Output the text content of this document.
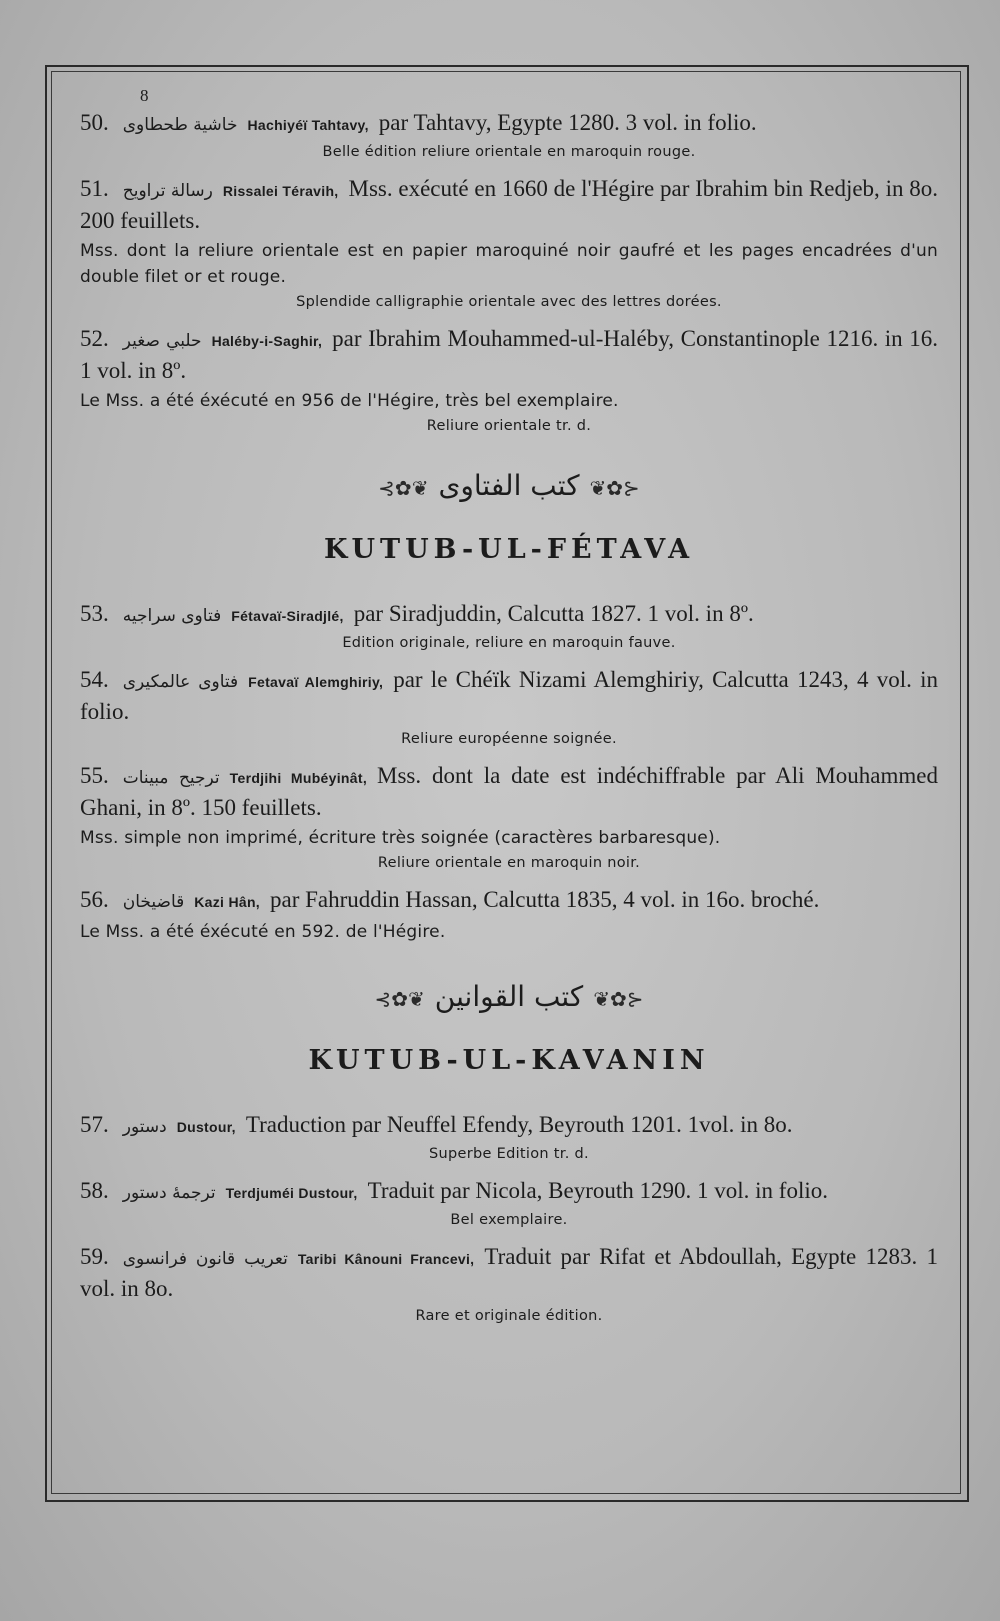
8

50. خاشية طحطاوى Hachiyéï Tahtavy, par Tahtavy, Egypte 1280. 3 vol. in folio.

Belle édition reliure orientale en maroquin rouge.

51. رسالة تراويح Rissalei Téravih, Mss. exécuté en 1660 de l'Hégire par Ibrahim bin Redjeb, in 8o. 200 feuillets.

Mss. dont la reliure orientale est en papier maroquiné noir gaufré et les pages encadrées d'un double filet or et rouge.

Splendide calligraphie orientale avec des lettres dorées.

52. حلبي صغير Haléby-i-Saghir, par Ibrahim Mouhammed-ul-Haléby, Constantinople 1216. in 16. 1 vol. in 8º.

Le Mss. a été éxécuté en 956 de l'Hégire, très bel exemplaire.

Reliure orientale tr. d.

⊰✿❦ كتب الفتاوى ❦✿⊱
KUTUB-UL-FÉTAVA

53. فتاوى سراجيه Fétavaï-Siradjlé, par Siradjuddin, Calcutta 1827. 1 vol. in 8º.

Edition originale, reliure en maroquin fauve.

54. فتاوى عالمكيرى Fetavaï Alemghiriy, par le Chéïk Nizami Alemghiriy, Calcutta 1243, 4 vol. in folio.

Reliure européenne soignée.

55. ترجيح مبينات Terdjihi Mubéyinât, Mss. dont la date est indéchiffrable par Ali Mouhammed Ghani, in 8º. 150 feuillets.

Mss. simple non imprimé, écriture très soignée (caractères barbaresque).

Reliure orientale en maroquin noir.

56. قاضيخان Kazi Hân, par Fahruddin Hassan, Calcutta 1835, 4 vol. in 16o. broché.

Le Mss. a été éxécuté en 592. de l'Hégire.

⊰✿❦ كتب القوانين ❦✿⊱
KUTUB-UL-KAVANIN

57. دستور Dustour, Traduction par Neuffel Efendy, Beyrouth 1201. 1vol. in 8o.

Superbe Edition tr. d.

58. ترجمهٔ دستور Terdjuméi Dustour, Traduit par Nicola, Beyrouth 1290. 1 vol. in folio.

Bel exemplaire.

59. تعريب قانون فرانسوى Taribi Kânouni Francevi, Traduit par Rifat et Abdoullah, Egypte 1283. 1 vol. in 8o.

Rare et originale édition.
